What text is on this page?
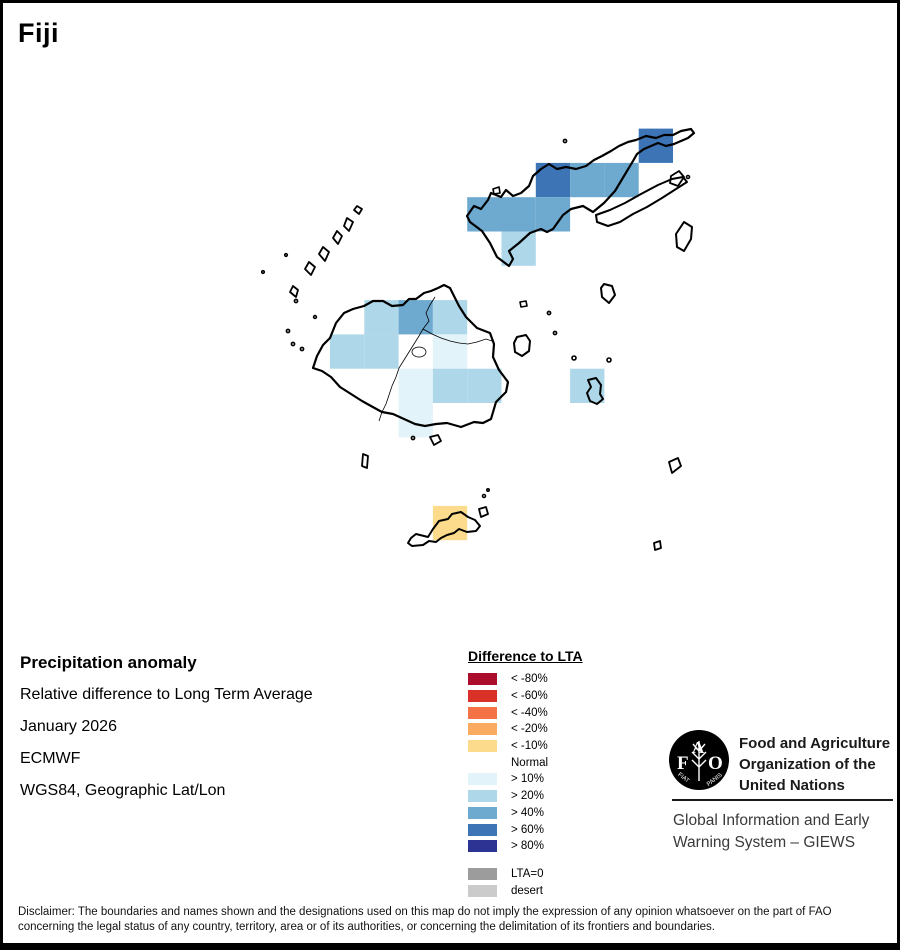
Fiji

Precipitation anomaly

Relative difference to Long Term Average

January 2026

ECMWF

WGS84, Geographic Lat/Lon

Difference to LTA
< -80%
< -60%
< -40%
< -20%
< -10%
Normal
> 10%
> 20%
> 40%
> 60%
> 80%
LTA=0
desert
F
A
O
FIAT	PANIS
Food and Agriculture
Organization of the
United Nations
Global Information and Early
Warning System – GIEWS
Disclaimer: The boundaries and names shown and the designations used on this map do not imply the expression of any opinion whatsoever on the part of FAO
concerning the legal status of any country, territory, area or of its authorities, or concerning the delimitation of its frontiers and boundaries.
